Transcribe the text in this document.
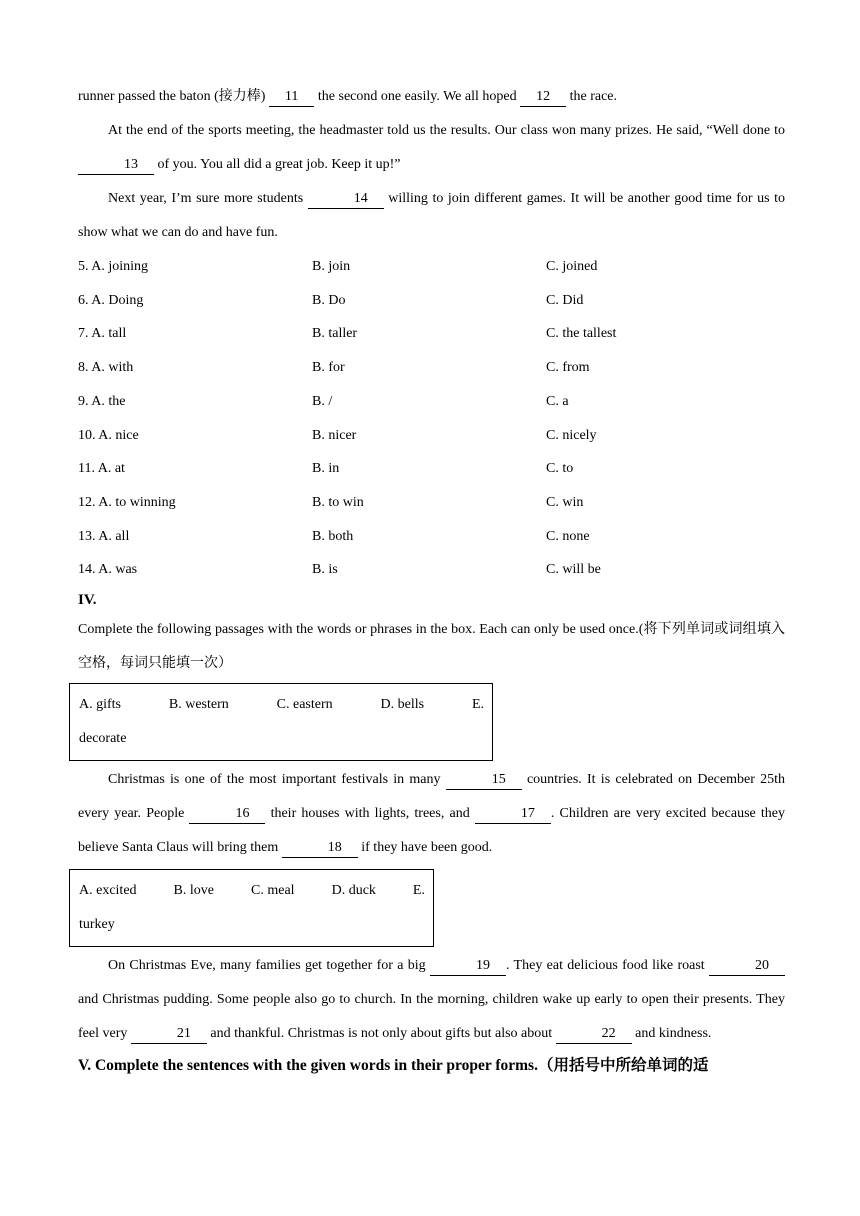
runner passed the baton (接力棒) 11 the second one easily. We all hoped 12 the race.
At the end of the sports meeting, the headmaster told us the results. Our class won many prizes. He said, “Well done to 13 of you. You all did a great job. Keep it up!”
Next year, I’m sure more students	14 willing to join different games. It will be another good time for us to show what we can do and have fun.
5. A. joining	B. join	C. joined
6. A. Doing	B. Do	C. Did
7. A. tall	B. taller	C. the tallest
8. A. with	B. for	C. from
9. A. the	B. /	C. a
10. A. nice	B. nicer	C. nicely
11. A. at	B. in	C. to
12. A. to winning	B. to win	C. win
13. A. all	B. both	C. none
14. A. was	B. is	C. will be
IV.
Complete the following passages with the words or phrases in the box. Each can only be used once.(将下列单词或词组填入空格，每词只能填一次）
A. gifts	B. western	C. eastern	D. bells	E.
decorate
Christmas is one of the most important festivals in many	15 countries. It is celebrated on December 25th every year. People	16 their houses with lights, trees, and	17 . Children are very excited because they believe Santa Claus will bring them	18 if they have been good.
A. excited	B. love	C. meal	D. duck	E.
turkey
On Christmas Eve, many families get together for a big	19 . They eat delicious food like roast	20 and Christmas pudding. Some people also go to church. In the morning, children wake up early to open their presents. They feel very	21 and thankful. Christmas is not only about gifts but also about	22 and kindness.
V. Complete the sentences with the given words in their proper forms.（用括号中所给单词的适
